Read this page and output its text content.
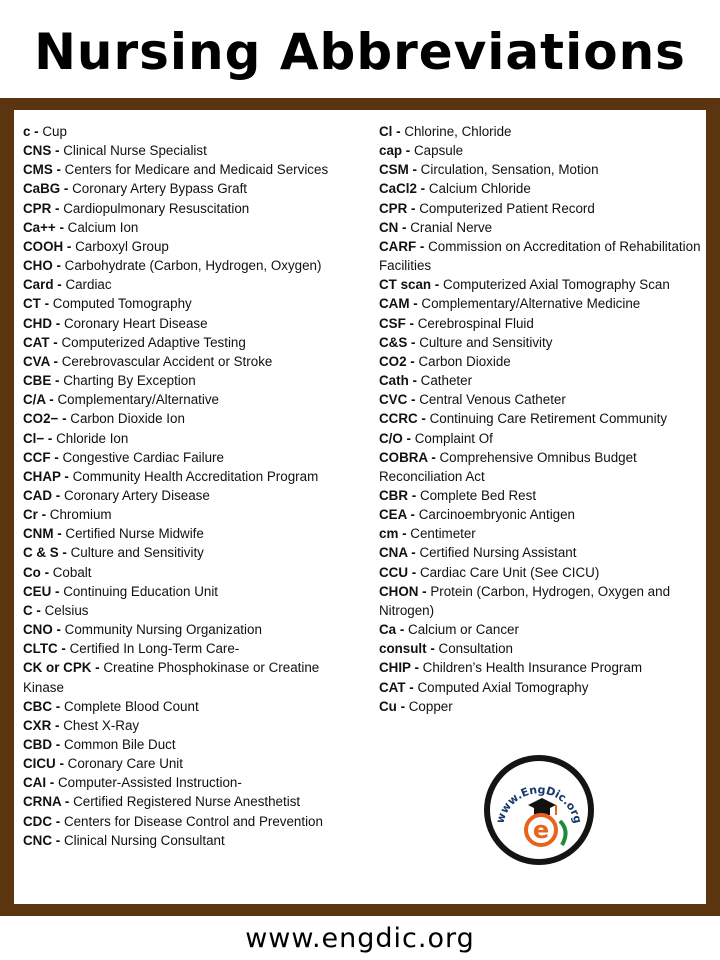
Nursing Abbreviations

c - Cup

CNS - Clinical Nurse Specialist

CMS - Centers for Medicare and Medicaid Services

CaBG - Coronary Artery Bypass Graft

CPR - Cardiopulmonary Resuscitation

Ca++ - Calcium Ion

COOH - Carboxyl Group

CHO - Carbohydrate (Carbon, Hydrogen, Oxygen)

Card - Cardiac

CT - Computed Tomography

CHD - Coronary Heart Disease

CAT - Computerized Adaptive Testing

CVA - Cerebrovascular Accident or Stroke

CBE - Charting By Exception

C/A - Complementary/Alternative

CO2− - Carbon Dioxide Ion

Cl− - Chloride Ion

CCF - Congestive Cardiac Failure

CHAP - Community Health Accreditation Program

CAD - Coronary Artery Disease

Cr - Chromium

CNM - Certified Nurse Midwife

C & S - Culture and Sensitivity

Co - Cobalt

CEU - Continuing Education Unit

C - Celsius

CNO - Community Nursing Organization

CLTC - Certified In Long-Term Care-

CK or CPK - Creatine Phosphokinase or Creatine Kinase

CBC - Complete Blood Count

CXR - Chest X-Ray

CBD - Common Bile Duct

CICU - Coronary Care Unit

CAI - Computer-Assisted Instruction-

CRNA - Certified Registered Nurse Anesthetist

CDC - Centers for Disease Control and Prevention

CNC - Clinical Nursing Consultant

Cl - Chlorine, Chloride

cap - Capsule

CSM - Circulation, Sensation, Motion

CaCl2 - Calcium Chloride

CPR - Computerized Patient Record

CN - Cranial Nerve

CARF - Commission on Accreditation of Rehabilitation Facilities

CT scan - Computerized Axial Tomography Scan

CAM - Complementary/Alternative Medicine

CSF - Cerebrospinal Fluid

C&S - Culture and Sensitivity

CO2 - Carbon Dioxide

Cath - Catheter

CVC - Central Venous Catheter

CCRC - Continuing Care Retirement Community

C/O - Complaint Of

COBRA - Comprehensive Omnibus Budget Reconciliation Act

CBR - Complete Bed Rest

CEA - Carcinoembryonic Antigen

cm - Centimeter

CNA - Certified Nursing Assistant

CCU - Cardiac Care Unit (See CICU)

CHON - Protein (Carbon, Hydrogen, Oxygen and Nitrogen)

Ca - Calcium or Cancer

consult - Consultation

CHIP - Children’s Health Insurance Program

CAT - Computed Axial Tomography

Cu - Copper

www.EngDic.org
e
www.engdic.org
